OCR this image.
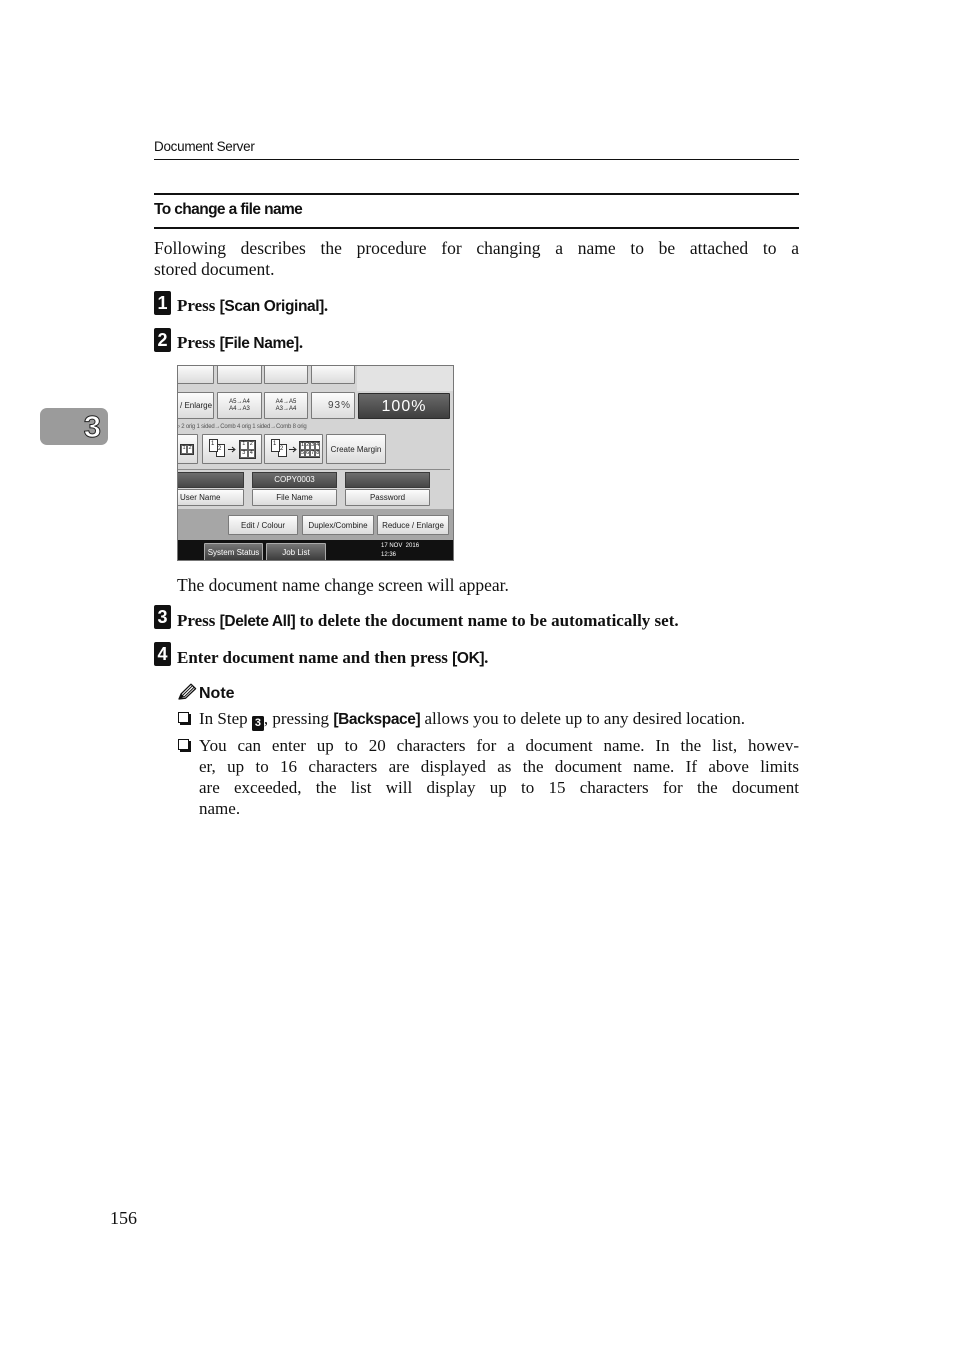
Document Server
3
To change a file name
Following describes the procedure for changing a name to be attached to a
stored document.
1 Press [Scan Original].
2 Press [File Name].
/ Enlarge	A5→A4
A4→A3
A4→A5
A3→A4	93%	100%
› 2 orig 1 sided→Comb 4 orig 1 sided→Comb 8 orig
1 2	2
1	1 2
3 4
2
1	1 2 3 4
5 6 7 8	Create Margin
COPY0003
User Name	File Name	Password
Edit / Colour	Duplex/Combine	Reduce / Enlarge
System Status	Job List
17 NOV  2016
12:36
The document name change screen will appear.
3 Press [Delete All] to delete the document name to be automatically set.
4 Enter document name and then press [OK].
Note
In Step 3 , pressing [Backspace] allows you to delete up to any desired location.
You can enter up to 20 characters for a document name. In the list, howev-
er, up to 16 characters are displayed as the document name. If above limits
are exceeded, the list will display up to 15 characters for the document
name.
156
